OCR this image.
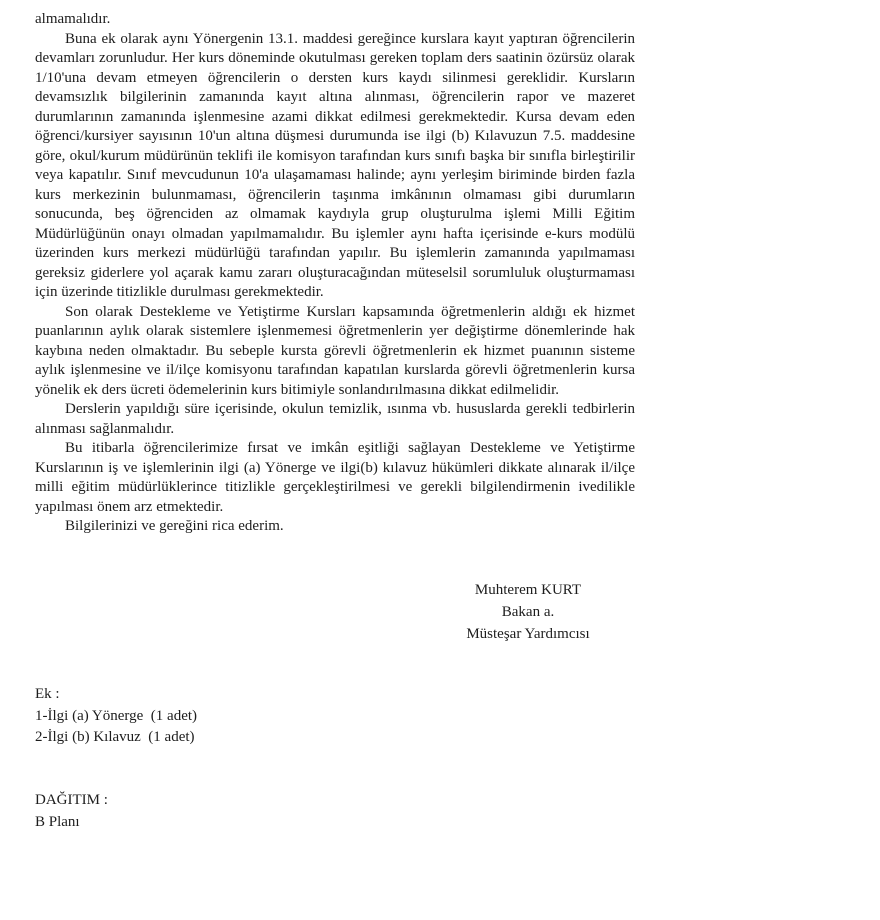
almamalıdır.

Buna ek olarak aynı Yönergenin 13.1. maddesi gereğince kurslara kayıt yaptıran öğrencilerin devamları zorunludur. Her kurs döneminde okutulması gereken toplam ders saatinin özürsüz olarak 1/10'una devam etmeyen öğrencilerin o dersten kurs kaydı silinmesi gereklidir. Kursların devamsızlık bilgilerinin zamanında kayıt altına alınması, öğrencilerin rapor ve mazeret durumlarının zamanında işlenmesine azami dikkat edilmesi gerekmektedir. Kursa devam eden öğrenci/kursiyer sayısının 10'un altına düşmesi durumunda ise ilgi (b) Kılavuzun 7.5. maddesine göre, okul/kurum müdürünün teklifi ile komisyon tarafından kurs sınıfı başka bir sınıfla birleştirilir veya kapatılır. Sınıf mevcudunun 10'a ulaşamaması halinde; aynı yerleşim biriminde birden fazla kurs merkezinin bulunmaması, öğrencilerin taşınma imkânının olmaması gibi durumların sonucunda, beş öğrenciden az olmamak kaydıyla grup oluşturulma işlemi Milli Eğitim Müdürlüğünün onayı olmadan yapılmamalıdır. Bu işlemler aynı hafta içerisinde e-kurs modülü üzerinden kurs merkezi müdürlüğü tarafından yapılır. Bu işlemlerin zamanında yapılmaması gereksiz giderlere yol açarak kamu zararı oluşturacağından müteselsil sorumluluk oluşturmaması için üzerinde titizlikle durulması gerekmektedir.

Son olarak Destekleme ve Yetiştirme Kursları kapsamında öğretmenlerin aldığı ek hizmet puanlarının aylık olarak sistemlere işlenmemesi öğretmenlerin yer değiştirme dönemlerinde hak kaybına neden olmaktadır. Bu sebeple kursta görevli öğretmenlerin ek hizmet puanının sisteme aylık işlenmesine ve il/ilçe komisyonu tarafından kapatılan kurslarda görevli öğretmenlerin kursa yönelik ek ders ücreti ödemelerinin kurs bitimiyle sonlandırılmasına dikkat edilmelidir.

Derslerin yapıldığı süre içerisinde, okulun temizlik, ısınma vb. hususlarda gerekli tedbirlerin alınması sağlanmalıdır.

Bu itibarla öğrencilerimize fırsat ve imkân eşitliği sağlayan Destekleme ve Yetiştirme Kurslarının iş ve işlemlerinin ilgi (a) Yönerge ve ilgi(b) kılavuz hükümleri dikkate alınarak il/ilçe milli eğitim müdürlüklerince titizlikle gerçekleştirilmesi ve gerekli bilgilendirmenin ivedilikle yapılması önem arz etmektedir.

Bilgilerinizi ve gereğini rica ederim.

Muhterem KURT
Bakan a.
Müsteşar Yardımcısı
Ek :
1-İlgi (a) Yönerge  (1 adet)
2-İlgi (b) Kılavuz  (1 adet)
DAĞITIM :
B Planı
